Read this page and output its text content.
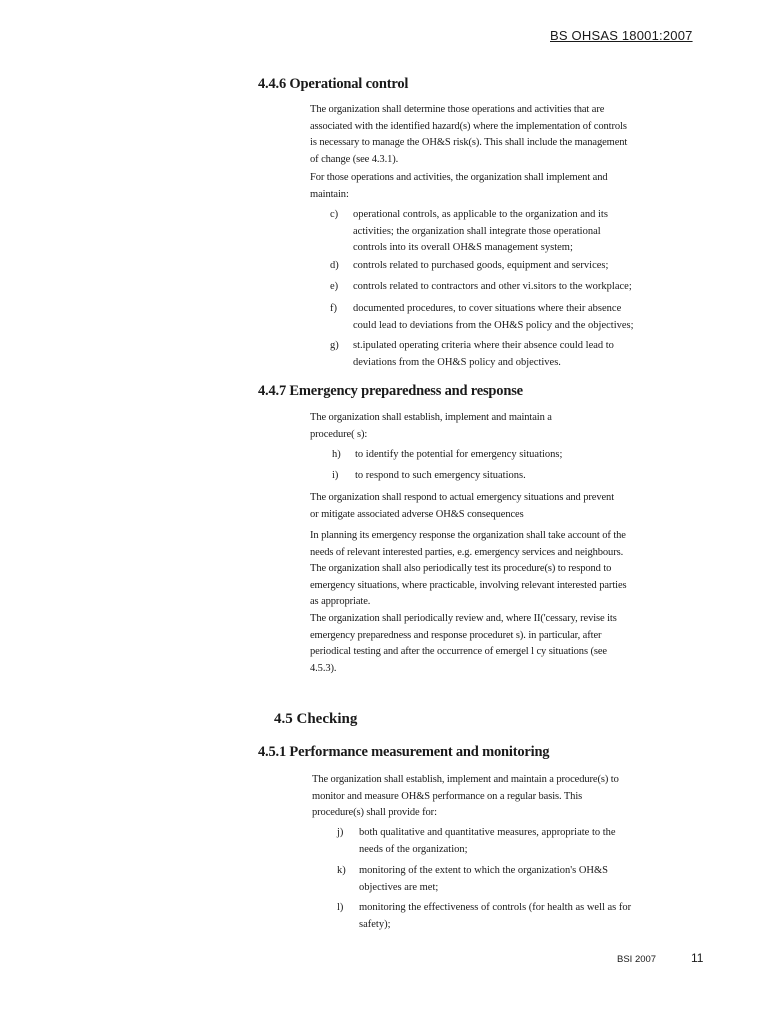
BS OHSAS 18001:2007
4.4.6 Operational control
The organization shall determine those operations and activities that are
associated with the identified hazard(s) where the implementation of controls
is necessary to manage the OH&S risk(s). This shall include the management
of change (see 4.3.1).
For those operations and activities, the organization shall implement and
maintain:
c) operational controls, as applicable to the organization and its
activities; the organization shall integrate those operational
controls into its overall OH&S management system;
d) controls related to purchased goods, equipment and services;
e) controls related to contractors and other vi.sitors to the workplace;
f) documented procedures, to cover situations where their absence
could lead to deviations from the OH&S policy and the objectives;
g) st.ipulated operating criteria where their absence could lead to
deviations from the OH&S policy and objectives.
4.4.7 Emergency preparedness and response
The organization shall establish, implement and maintain a
procedure( s):
h) to identify the potential for emergency situations;
i) to respond to such emergency situations.
The organization shall respond to actual emergency situations and prevent
or mitigate associated adverse OH&S consequences
In planning its emergency response the organization shall take account of the
needs of relevant interested parties, e.g. emergency services and neighbours.
The organization shall also periodically test its procedure(s) to respond to
emergency situations, where practicable, involving relevant interested parties
as appropriate.
The organization shall periodically review and, where II('cessary, revise its
emergency preparedness and response proceduret s). in particular, after
periodical testing and after the occurrence of emergel l cy situations (see
4.5.3).
4.5 Checking
4.5.1 Performance measurement and monitoring
The organization shall establish, implement and maintain a procedure(s) to
monitor and measure OH&S performance on a regular basis. This
procedure(s) shall provide for:
j) both qualitative and quantitative measures, appropriate to the
needs of the organization;
k) monitoring of the extent to which the organization's OH&S
objectives are met;
l) monitoring the effectiveness of controls (for health as well as for
safety);
BSI 2007	11
